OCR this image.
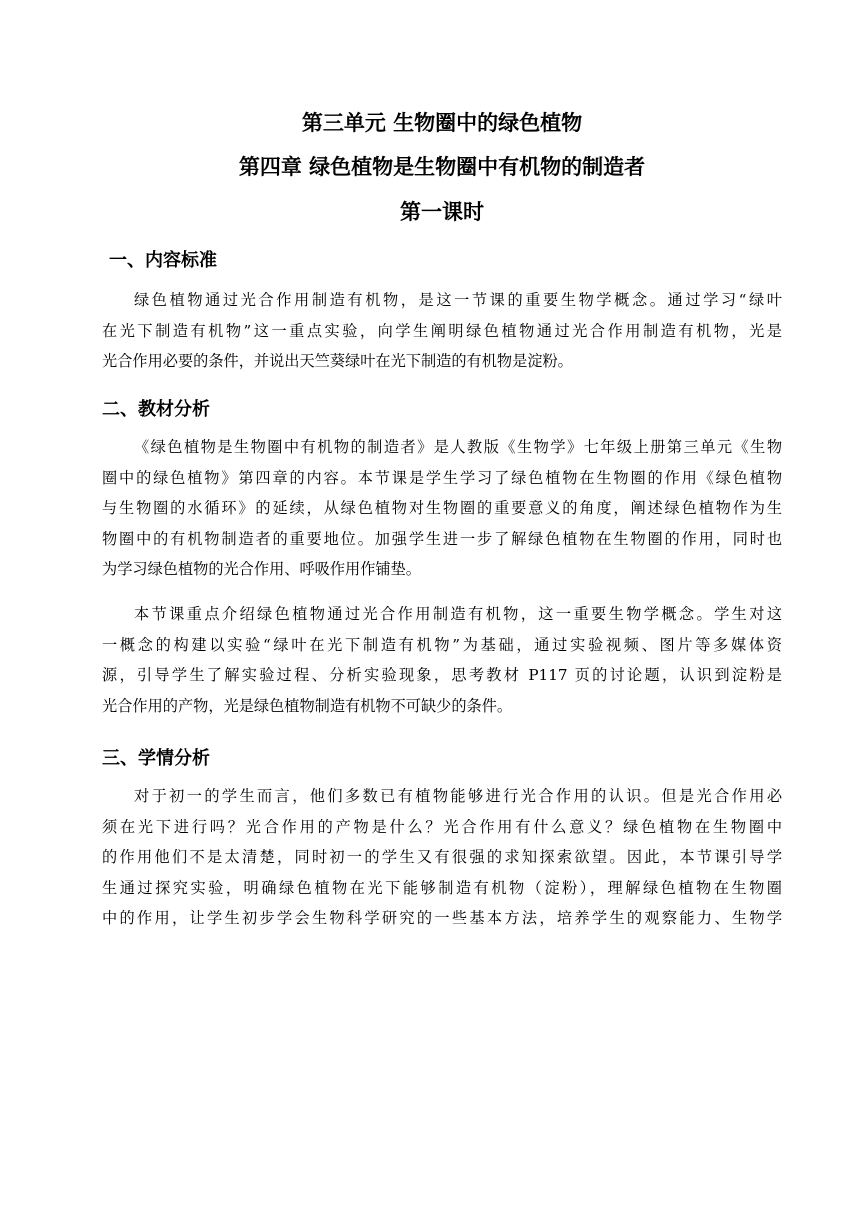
第三单元 生物圈中的绿色植物
第四章 绿色植物是生物圈中有机物的制造者
第一课时
一、内容标准

绿色植物通过光合作用制造有机物，是这一节课的重要生物学概念。通过学习“绿叶
在光下制造有机物”这一重点实验，向学生阐明绿色植物通过光合作用制造有机物，光是
光合作用必要的条件，并说出天竺葵绿叶在光下制造的有机物是淀粉。

二、教材分析

《绿色植物是生物圈中有机物的制造者》是人教版《生物学》七年级上册第三单元《生物
圈中的绿色植物》第四章的内容。本节课是学生学习了绿色植物在生物圈的作用《绿色植物
与生物圈的水循环》的延续，从绿色植物对生物圈的重要意义的角度，阐述绿色植物作为生
物圈中的有机物制造者的重要地位。加强学生进一步了解绿色植物在生物圈的作用，同时也
为学习绿色植物的光合作用、呼吸作用作铺垫。

本节课重点介绍绿色植物通过光合作用制造有机物，这一重要生物学概念。学生对这
一概念的构建以实验“绿叶在光下制造有机物”为基础，通过实验视频、图片等多媒体资
源，引导学生了解实验过程、分析实验现象，思考教材 P117 页的讨论题，认识到淀粉是
光合作用的产物，光是绿色植物制造有机物不可缺少的条件。

三、学情分析

对于初一的学生而言，他们多数已有植物能够进行光合作用的认识。但是光合作用必
须在光下进行吗？光合作用的产物是什么？光合作用有什么意义？绿色植物在生物圈中
的作用他们不是太清楚，同时初一的学生又有很强的求知探索欲望。因此，本节课引导学
生通过探究实验，明确绿色植物在光下能够制造有机物（淀粉），理解绿色植物在生物圈
中的作用，让学生初步学会生物科学研究的一些基本方法，培养学生的观察能力、生物学
